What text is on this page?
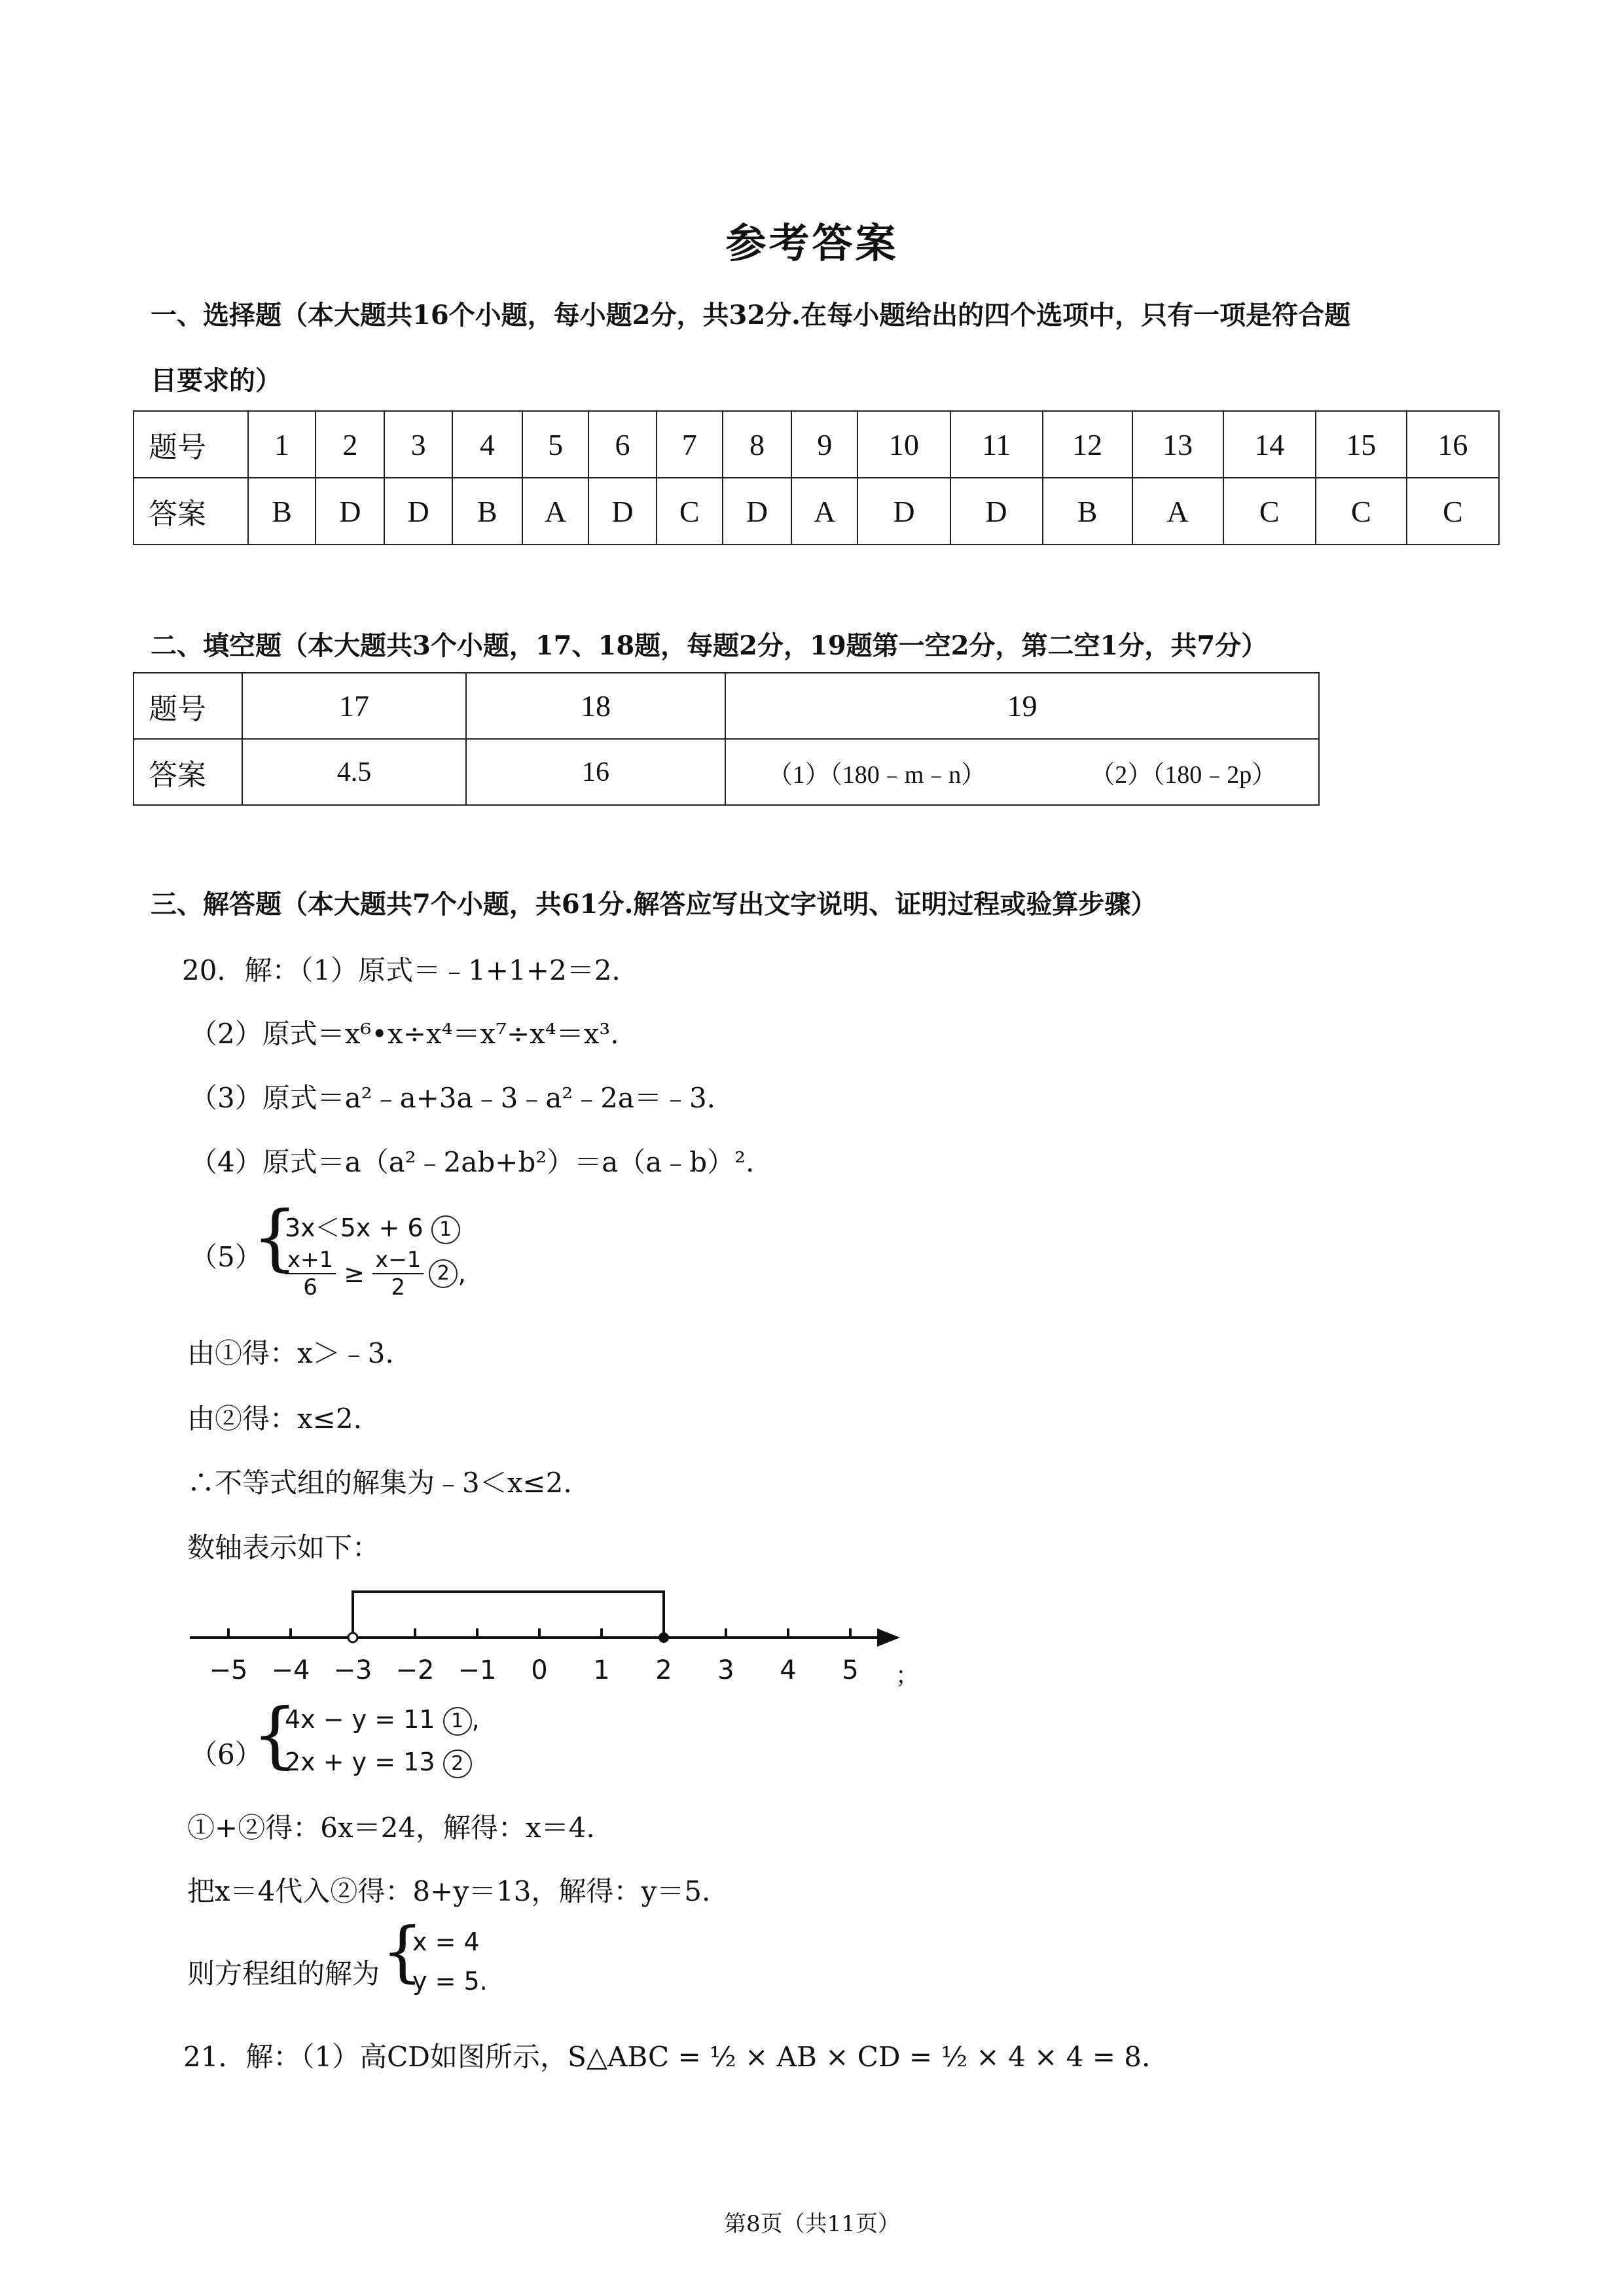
参考答案
一、选择题（本大题共16个小题，每小题2分，共32分.在每小题给出的四个选项中，只有一项是符合题
目要求的）
题号	1	2	3	4	5	6	7	8	9	10	11	12	13	14	15	16
答案	B	D	D	B	A	D	C	D	A	D	D	B	A	C	C	C
二、填空题（本大题共3个小题，17、18题，每题2分，19题第一空2分，第二空1分，共7分）
题号	17	18	19
答案	4.5	16	（1）（180﹣m﹣n） （2）（180﹣2p）
三、解答题（本大题共7个小题，共61分.解答应写出文字说明、证明过程或验算步骤）
20．解：（1）原式＝﹣1+1+2＝2.
（2）原式＝x⁶•x÷x⁴＝x⁷÷x⁴＝x³.
（3）原式＝a²﹣a+3a﹣3﹣a²﹣2a＝﹣3.
（4）原式＝a（a²﹣2ab+b²）＝a（a﹣b）².
（5）
{
3x＜5x + 6 1
$\frac{x+1}{6} \ge \frac{x-1}{2} 2$ ,
由①得：x＞﹣3.
由②得：x≤2.
∴不等式组的解集为﹣3＜x≤2.
数轴表示如下：
−5 −4 −3 −2 −1 0 1 2 3 4 5 ；
（6）
{
4x − y = 11 1 ,
2x + y = 13 2
①+②得：6x＝24，解得：x＝4.
把x＝4代入②得：8+y＝13，解得：y＝5.
则方程组的解为 {
x = 4
y = 5.
21．解：（1）高CD如图所示，S△ABC = ½ × AB × CD = ½ × 4 × 4 = 8.
第8页（共11页）
